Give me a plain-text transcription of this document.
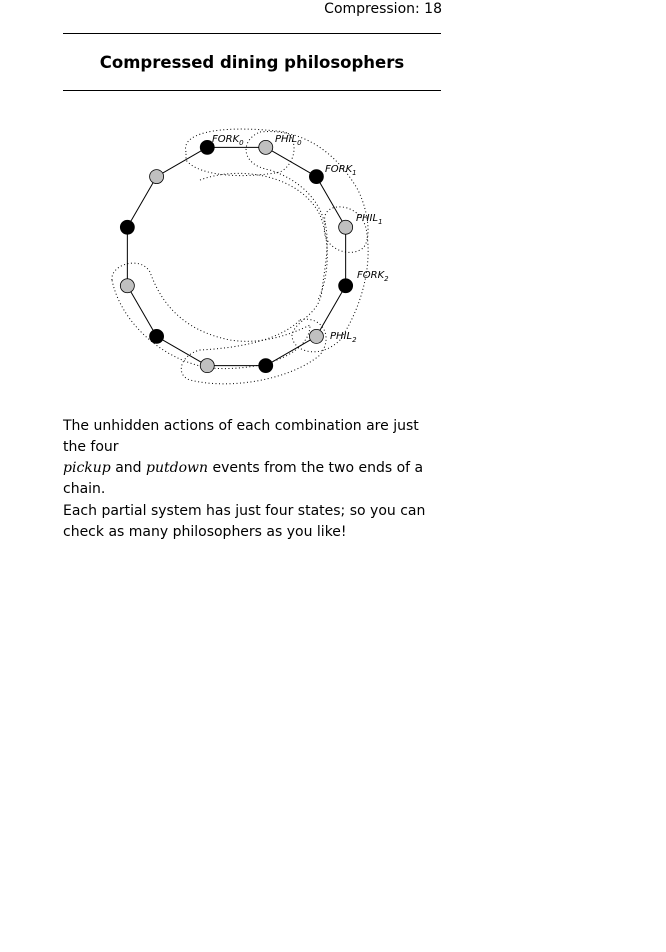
Compression: 18
Compressed dining philosophers
$FORK_0$	$PHIL_0$
$FORK_1$
$PHIL_1$
$FORK_2$
$PHIL_2$

The unhidden actions of each combination are just the four
pickup and putdown events from the two ends of a chain.

Each partial system has just four states; so you can check as many philosophers as you like!
